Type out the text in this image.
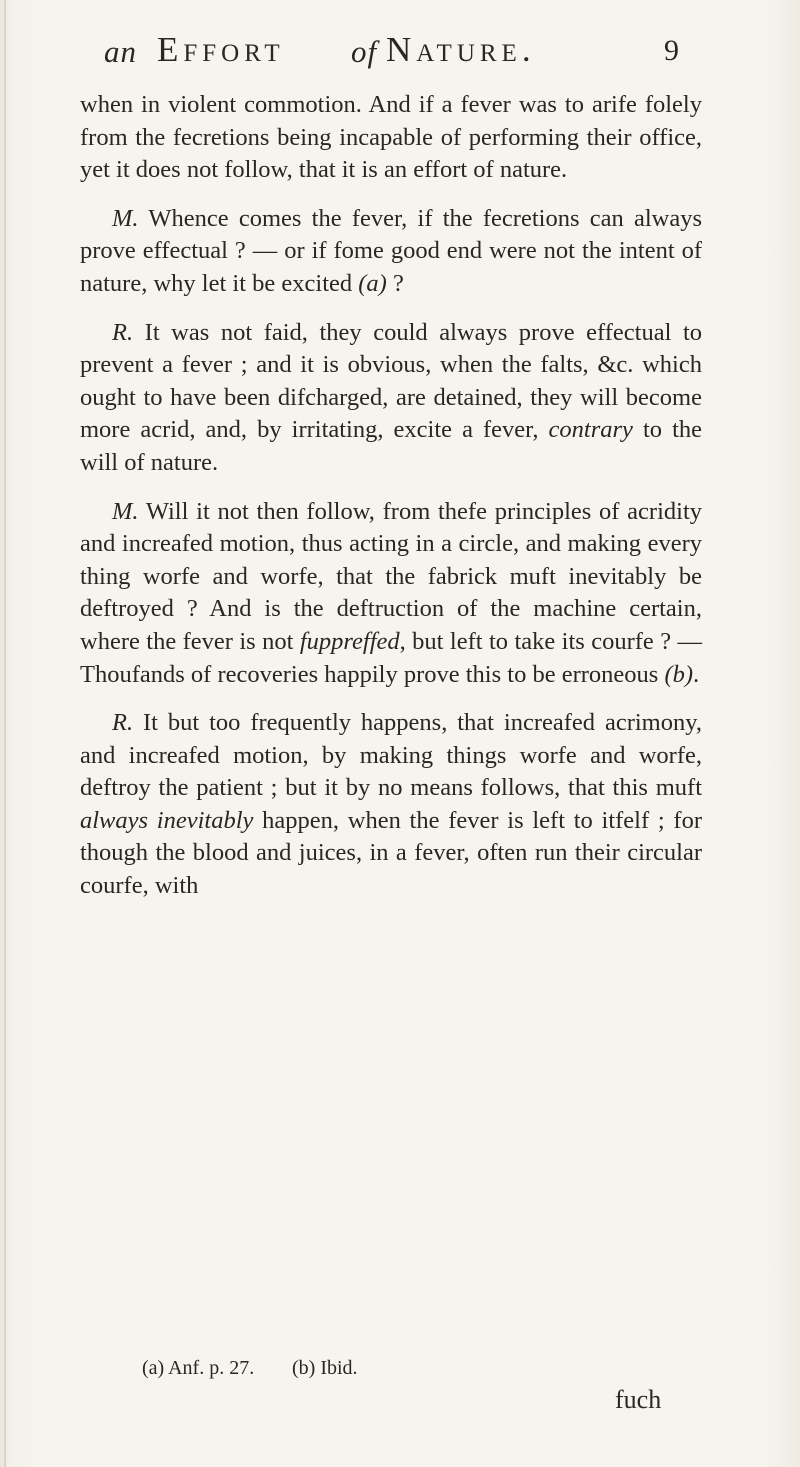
an Effort of Nature.	9

when in violent commotion. And if a fever was to arife folely from the fecretions being incapable of performing their office, yet it does not follow, that it is an effort of nature.

M. Whence comes the fever, if the fecretions can always prove effectual ? — or if fome good end were not the intent of nature, why let it be excited (a) ?

R. It was not faid, they could always prove effectual to prevent a fever ; and it is obvious, when the falts, &c. which ought to have been difcharged, are detained, they will become more acrid, and, by irritating, excite a fever, contrary to the will of nature.

M. Will it not then follow, from thefe principles of acridity and increafed motion, thus acting in a circle, and making every thing worfe and worfe, that the fabrick muft inevitably be deftroyed ? And is the deftruction of the machine certain, where the fever is not fuppreffed, but left to take its courfe ? — Thoufands of recoveries happily prove this to be erroneous (b).

R. It but too frequently happens, that increafed acrimony, and increafed motion, by making things worfe and worfe, deftroy the patient ; but it by no means follows, that this muft always inevitably happen, when the fever is left to itfelf ; for though the blood and juices, in a fever, often run their circular courfe, with

(a) Anf. p. 27. (b) Ibid.
fuch
